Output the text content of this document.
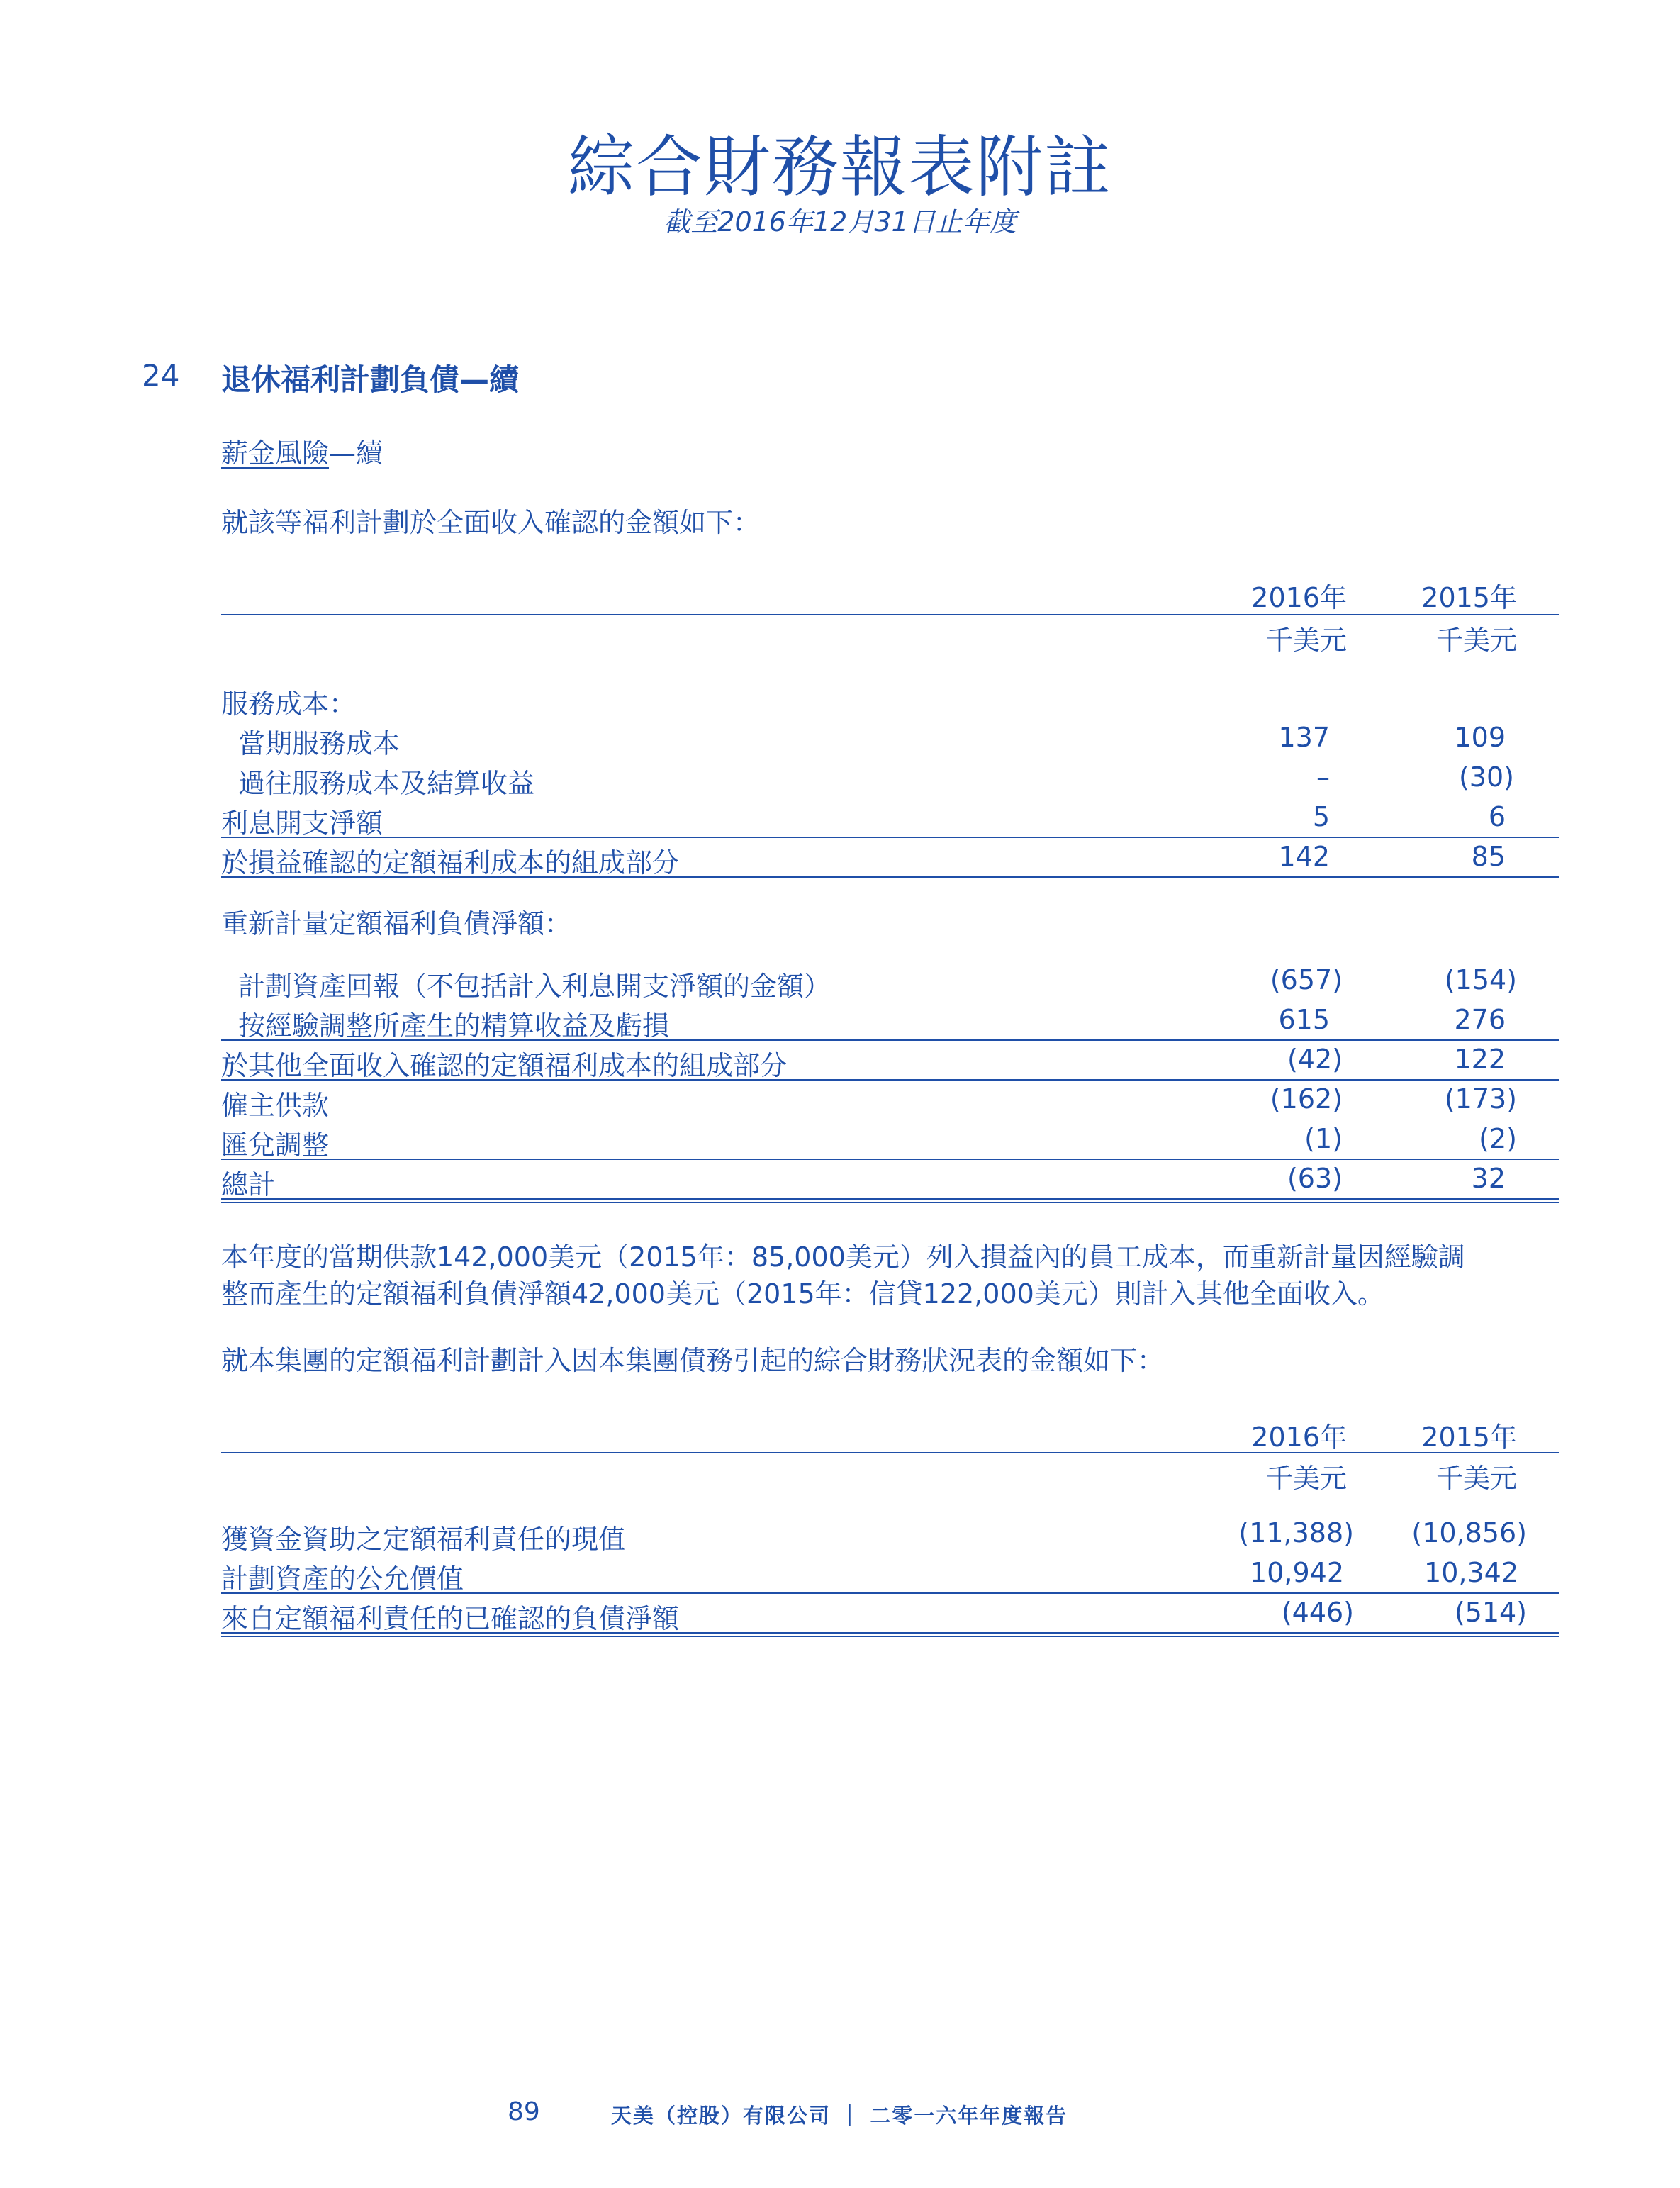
綜合財務報表附註
截至2016年12月31日止年度
24 退休福利計劃負債—續
薪金風險—續
就該等福利計劃於全面收入確認的金額如下：
2016年	2015年
千美元	千美元
服務成本：
當期服務成本	137	109
過往服務成本及結算收益	–	(30)
利息開支淨額	5	6
於損益確認的定額福利成本的組成部分	142	85
重新計量定額福利負債淨額：
計劃資產回報（不包括計入利息開支淨額的金額）	(657)	(154)
按經驗調整所產生的精算收益及虧損	615	276
於其他全面收入確認的定額福利成本的組成部分	(42)	122
僱主供款	(162)	(173)
匯兌調整	(1)	(2)
總計	(63)	32
本年度的當期供款142,000美元（2015年：85,000美元）列入損益內的員工成本，而重新計量因經驗調
整而產生的定額福利負債淨額42,000美元（2015年：信貸122,000美元）則計入其他全面收入。
就本集團的定額福利計劃計入因本集團債務引起的綜合財務狀況表的金額如下：
2016年	2015年
千美元	千美元
獲資金資助之定額福利責任的現值	(11,388)	(10,856)
計劃資產的公允價值	10,942	10,342
來自定額福利責任的已確認的負債淨額	(446)	(514)
89	天美（控股）有限公司 ｜ 二零一六年年度報告
